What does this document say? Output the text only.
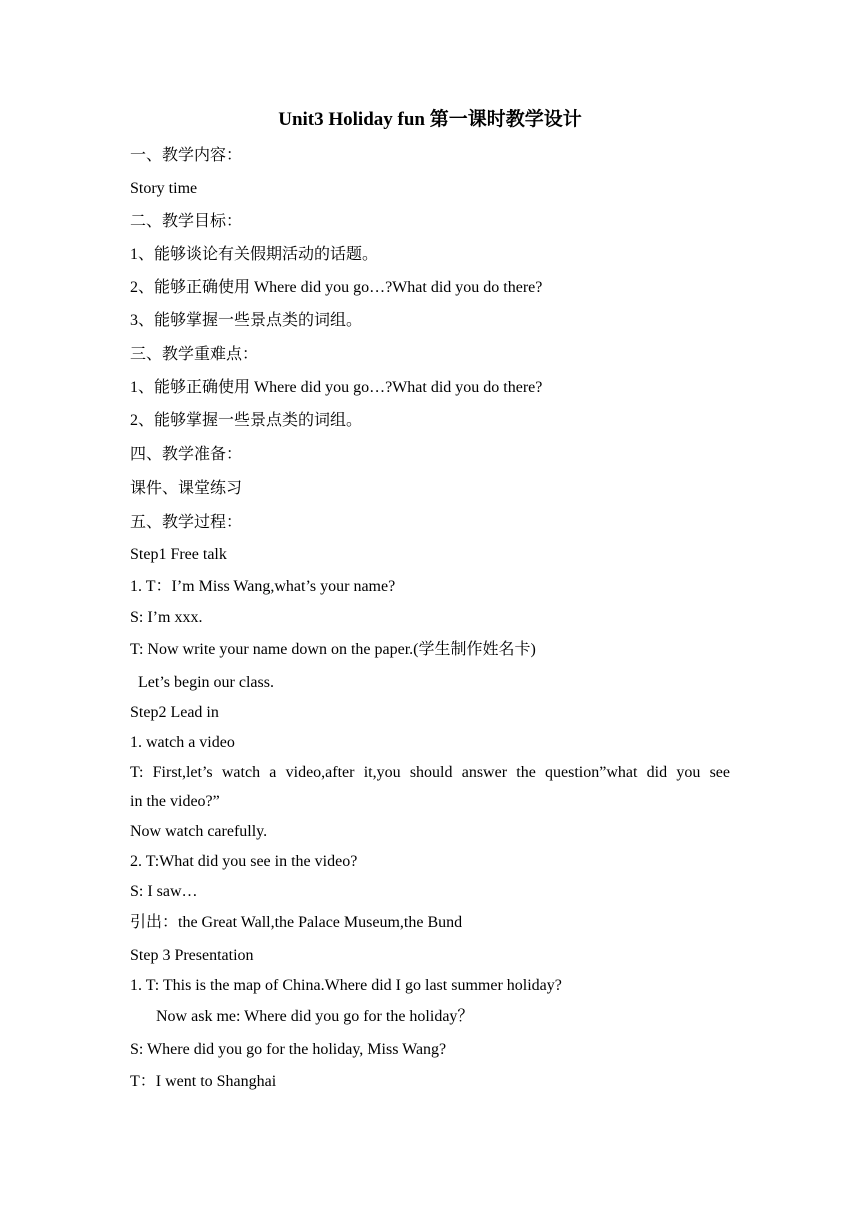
Unit3 Holiday fun 第一课时教学设计
一、教学内容：
Story time
二、教学目标：
1、能够谈论有关假期活动的话题。
2、能够正确使用 Where did you go…?What did you do there?
3、能够掌握一些景点类的词组。
三、教学重难点：
1、能够正确使用 Where did you go…?What did you do there?
2、能够掌握一些景点类的词组。
四、教学准备：
课件、课堂练习
五、教学过程：
Step1 Free talk
1. T：I’m Miss Wang,what’s your name?
S: I’m xxx.
T: Now write your name down on the paper.(学生制作姓名卡)
Let’s begin our class.
Step2 Lead in
1. watch a video
T: First,let’s watch a video,after it,you should answer the question”what did you see
in the video?”
Now watch carefully.
2. T:What did you see in the video?
S: I saw…
引出：the Great Wall,the Palace Museum,the Bund
Step 3 Presentation
1. T: This is the map of China.Where did I go last summer holiday?
Now ask me: Where did you go for the holiday？
S: Where did you go for the holiday, Miss Wang?
T：I went to Shanghai
